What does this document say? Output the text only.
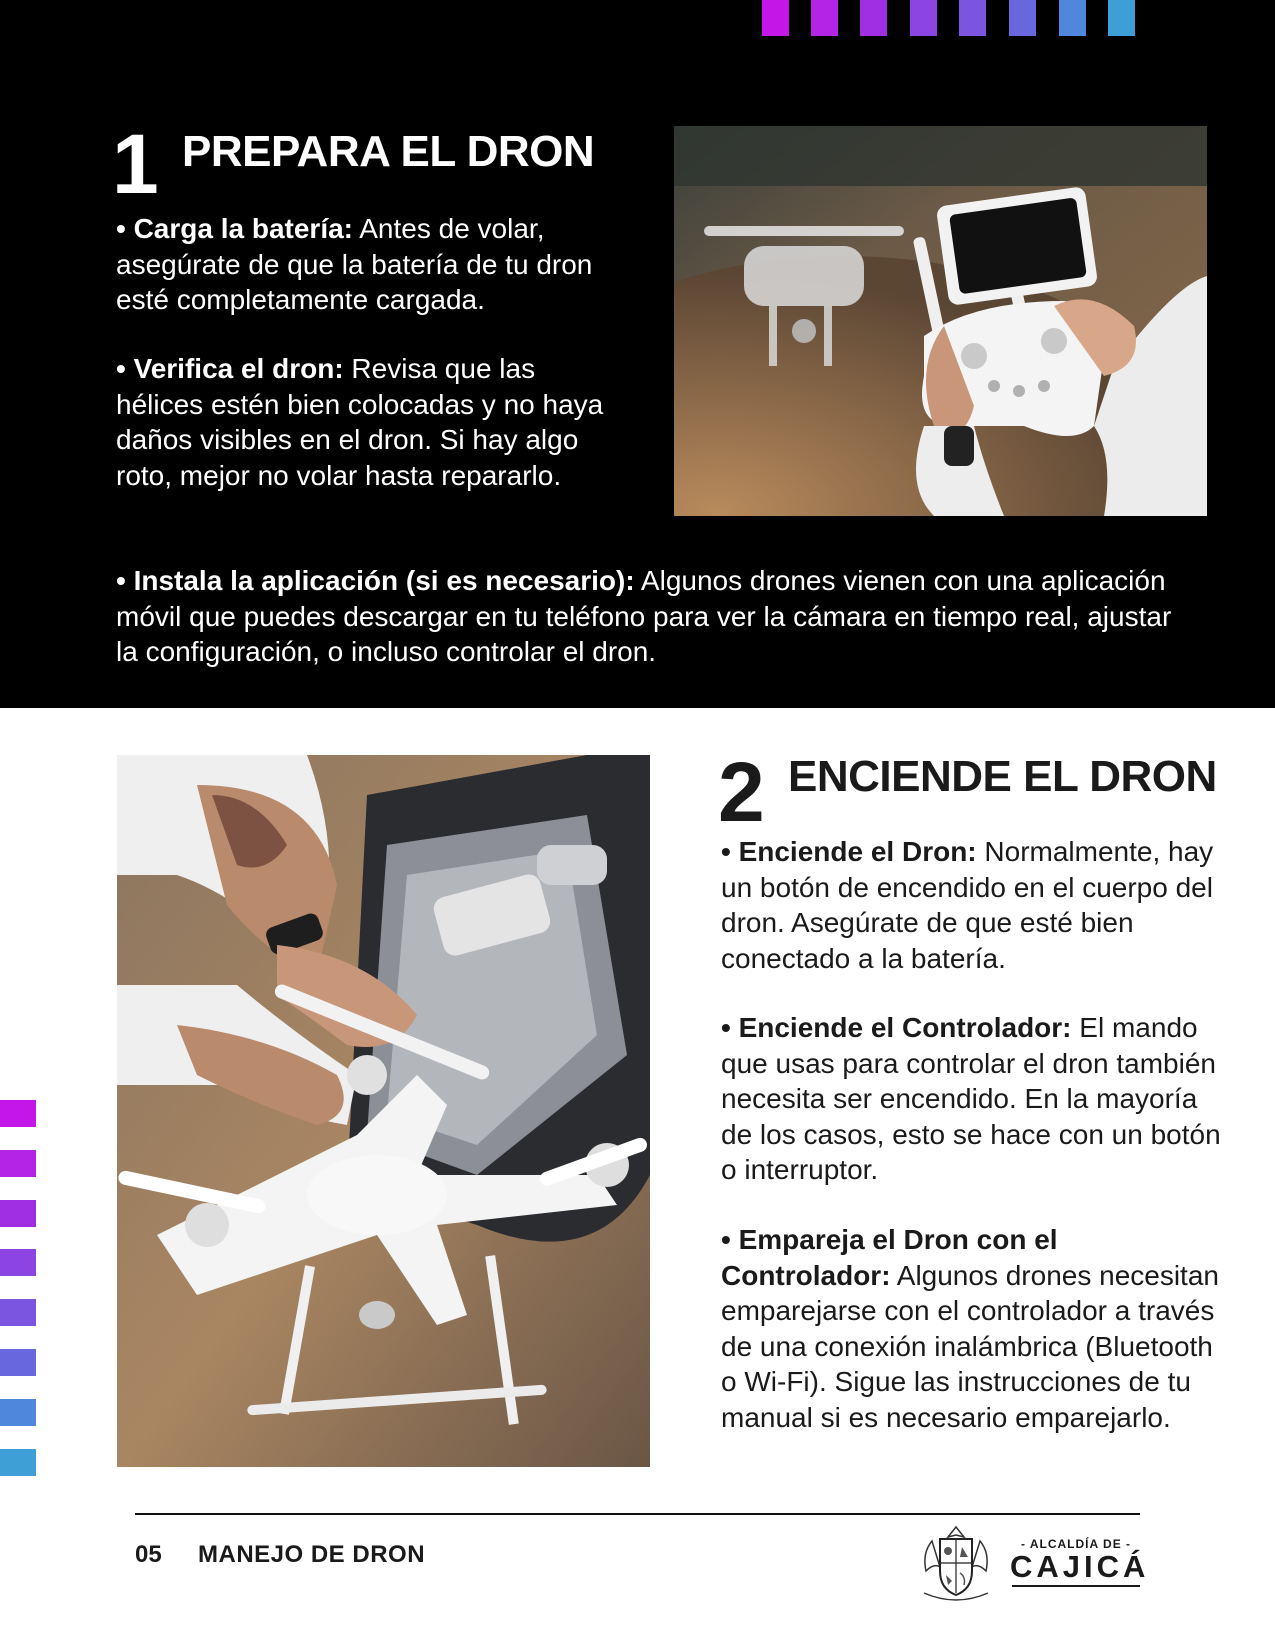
1 PREPARA EL DRON

• Carga la batería: Antes de volar, asegúrate de que la batería de tu dron esté completamente cargada.

• Verifica el dron: Revisa que las hélices estén bien colocadas y no haya daños visibles en el dron. Si hay algo roto, mejor no volar hasta repararlo.

• Instala la aplicación (si es necesario): Algunos drones vienen con una aplicación móvil que puedes descargar en tu teléfono para ver la cámara en tiempo real, ajustar la configuración, o incluso controlar el dron.

2 ENCIENDE EL DRON

• Enciende el Dron: Normalmente, hay un botón de encendido en el cuerpo del dron. Asegúrate de que esté bien conectado a la batería.

• Enciende el Controlador: El mando que usas para controlar el dron también necesita ser encendido. En la mayoría de los casos, esto se hace con un botón o interruptor.

• Empareja el Dron con el Controlador: Algunos drones necesitan emparejarse con el controlador a través de una conexión inalámbrica (Bluetooth o Wi-Fi). Sigue las instrucciones de tu manual si es necesario emparejarlo.

05 MANEJO DE DRON	- ALCALDÍA DE -
CAJICÁ
